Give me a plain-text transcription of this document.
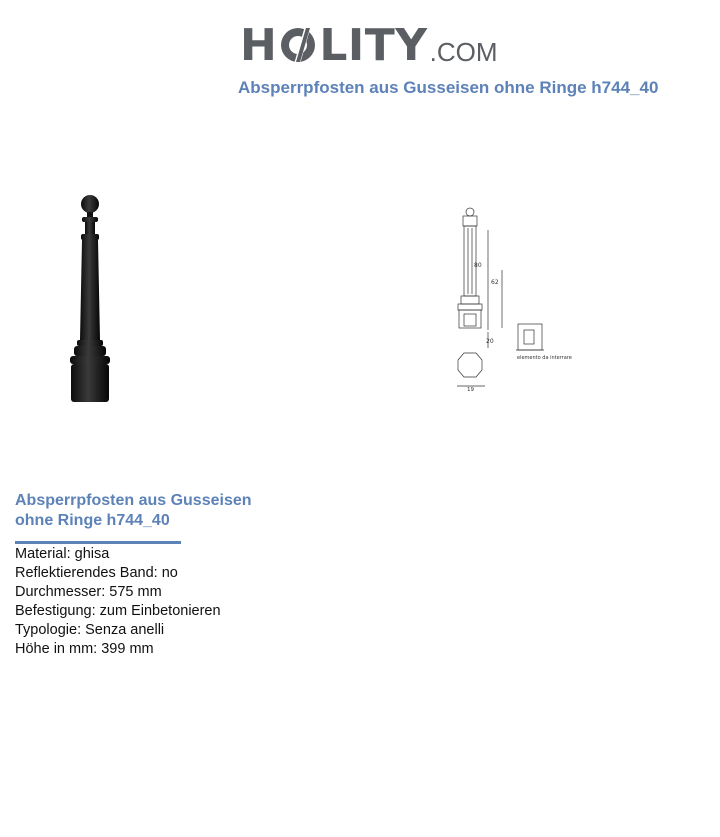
H LITY .COM
Absperrpfosten aus Gusseisen ohne Ringe h744_40
80
62
20
19
elemento da interrare
Absperrpfosten aus Gusseisen
ohne Ringe h744_40
Material: ghisa
Reflektierendes Band: no
Durchmesser: 575 mm
Befestigung: zum Einbetonieren
Typologie: Senza anelli
Höhe in mm: 399 mm
